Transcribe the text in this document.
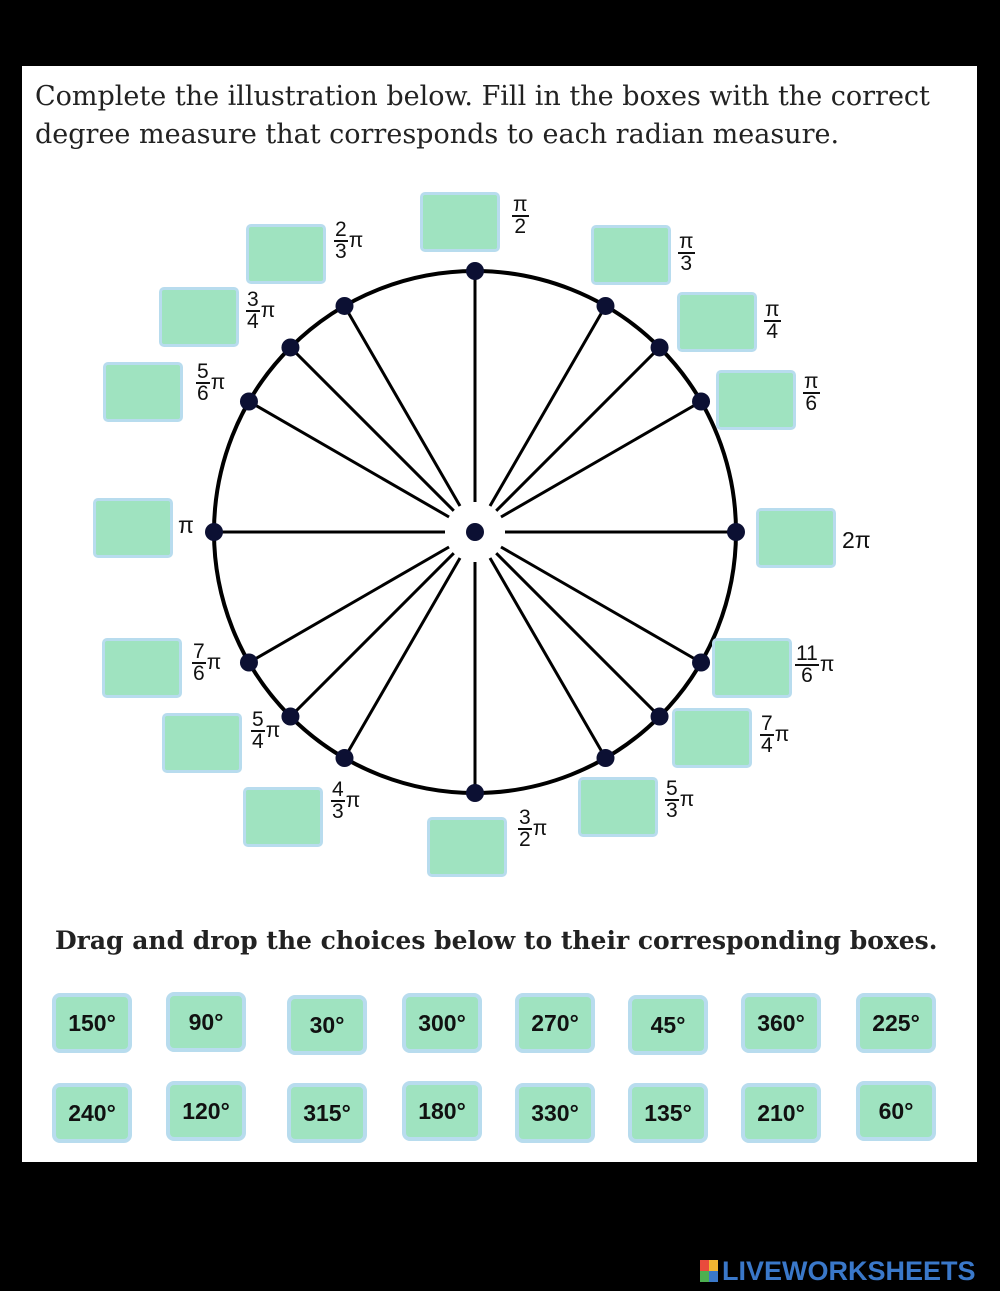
Complete the illustration below. Fill in the boxes with the correct
degree measure that corresponds to each radian measure.

$\frac{\pi}{2}$
$\frac{\pi}{3}$
$\frac{\pi}{4}$
$\frac{\pi}{6}$
2π
$\frac{11}{6}$ π
$\frac{7}{4}$ π
$\frac{5}{3}$ π
$\frac{3}{2}$ π
$\frac{4}{3}$ π
$\frac{5}{4}$ π
$\frac{7}{6}$ π
π
$\frac{5}{6}$ π
$\frac{3}{4}$ π
$\frac{2}{3}$ π
Drag and drop the choices below to their corresponding boxes.
150°	90°	30°	300°	270°	45°	360°	225°
240°	120°	315°	180°	330°	135°	210°	60°
LIVEWORKSHEETS
